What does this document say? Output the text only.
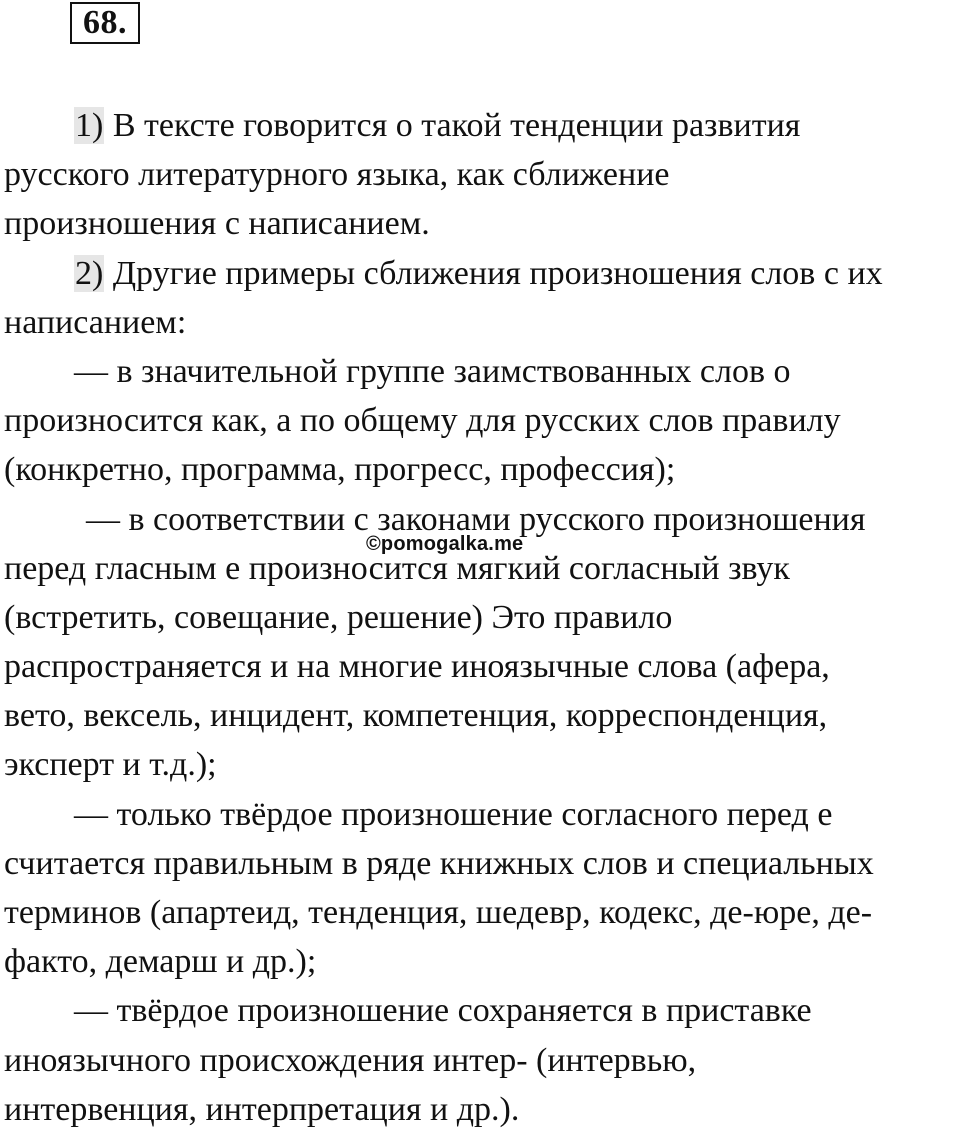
68.
1) В тексте говорится о такой тенденции развития
русского литературного языка, как сближение
произношения с написанием.
2) Другие примеры сближения произношения слов с их
написанием:
— в значительной группе заимствованных слов о
произносится как, а по общему для русских слов правилу
(конкретно, программа, прогресс, профессия);
— в соответствии с законами русского произношения
перед гласным е произносится мягкий согласный звук
(встретить, совещание, решение) Это правило
распространяется и на многие иноязычные слова (афера,
вето, вексель, инцидент, компетенция, корреспонденция,
эксперт и т.д.);
— только твёрдое произношение согласного перед е
считается правильным в ряде книжных слов и специальных
терминов (апартеид, тенденция, шедевр, кодекс, де-юре, де-
факто, демарш и др.);
— твёрдое произношение сохраняется в приставке
иноязычного происхождения интер- (интервью,
интервенция, интерпретация и др.).
©pomogalka.me
